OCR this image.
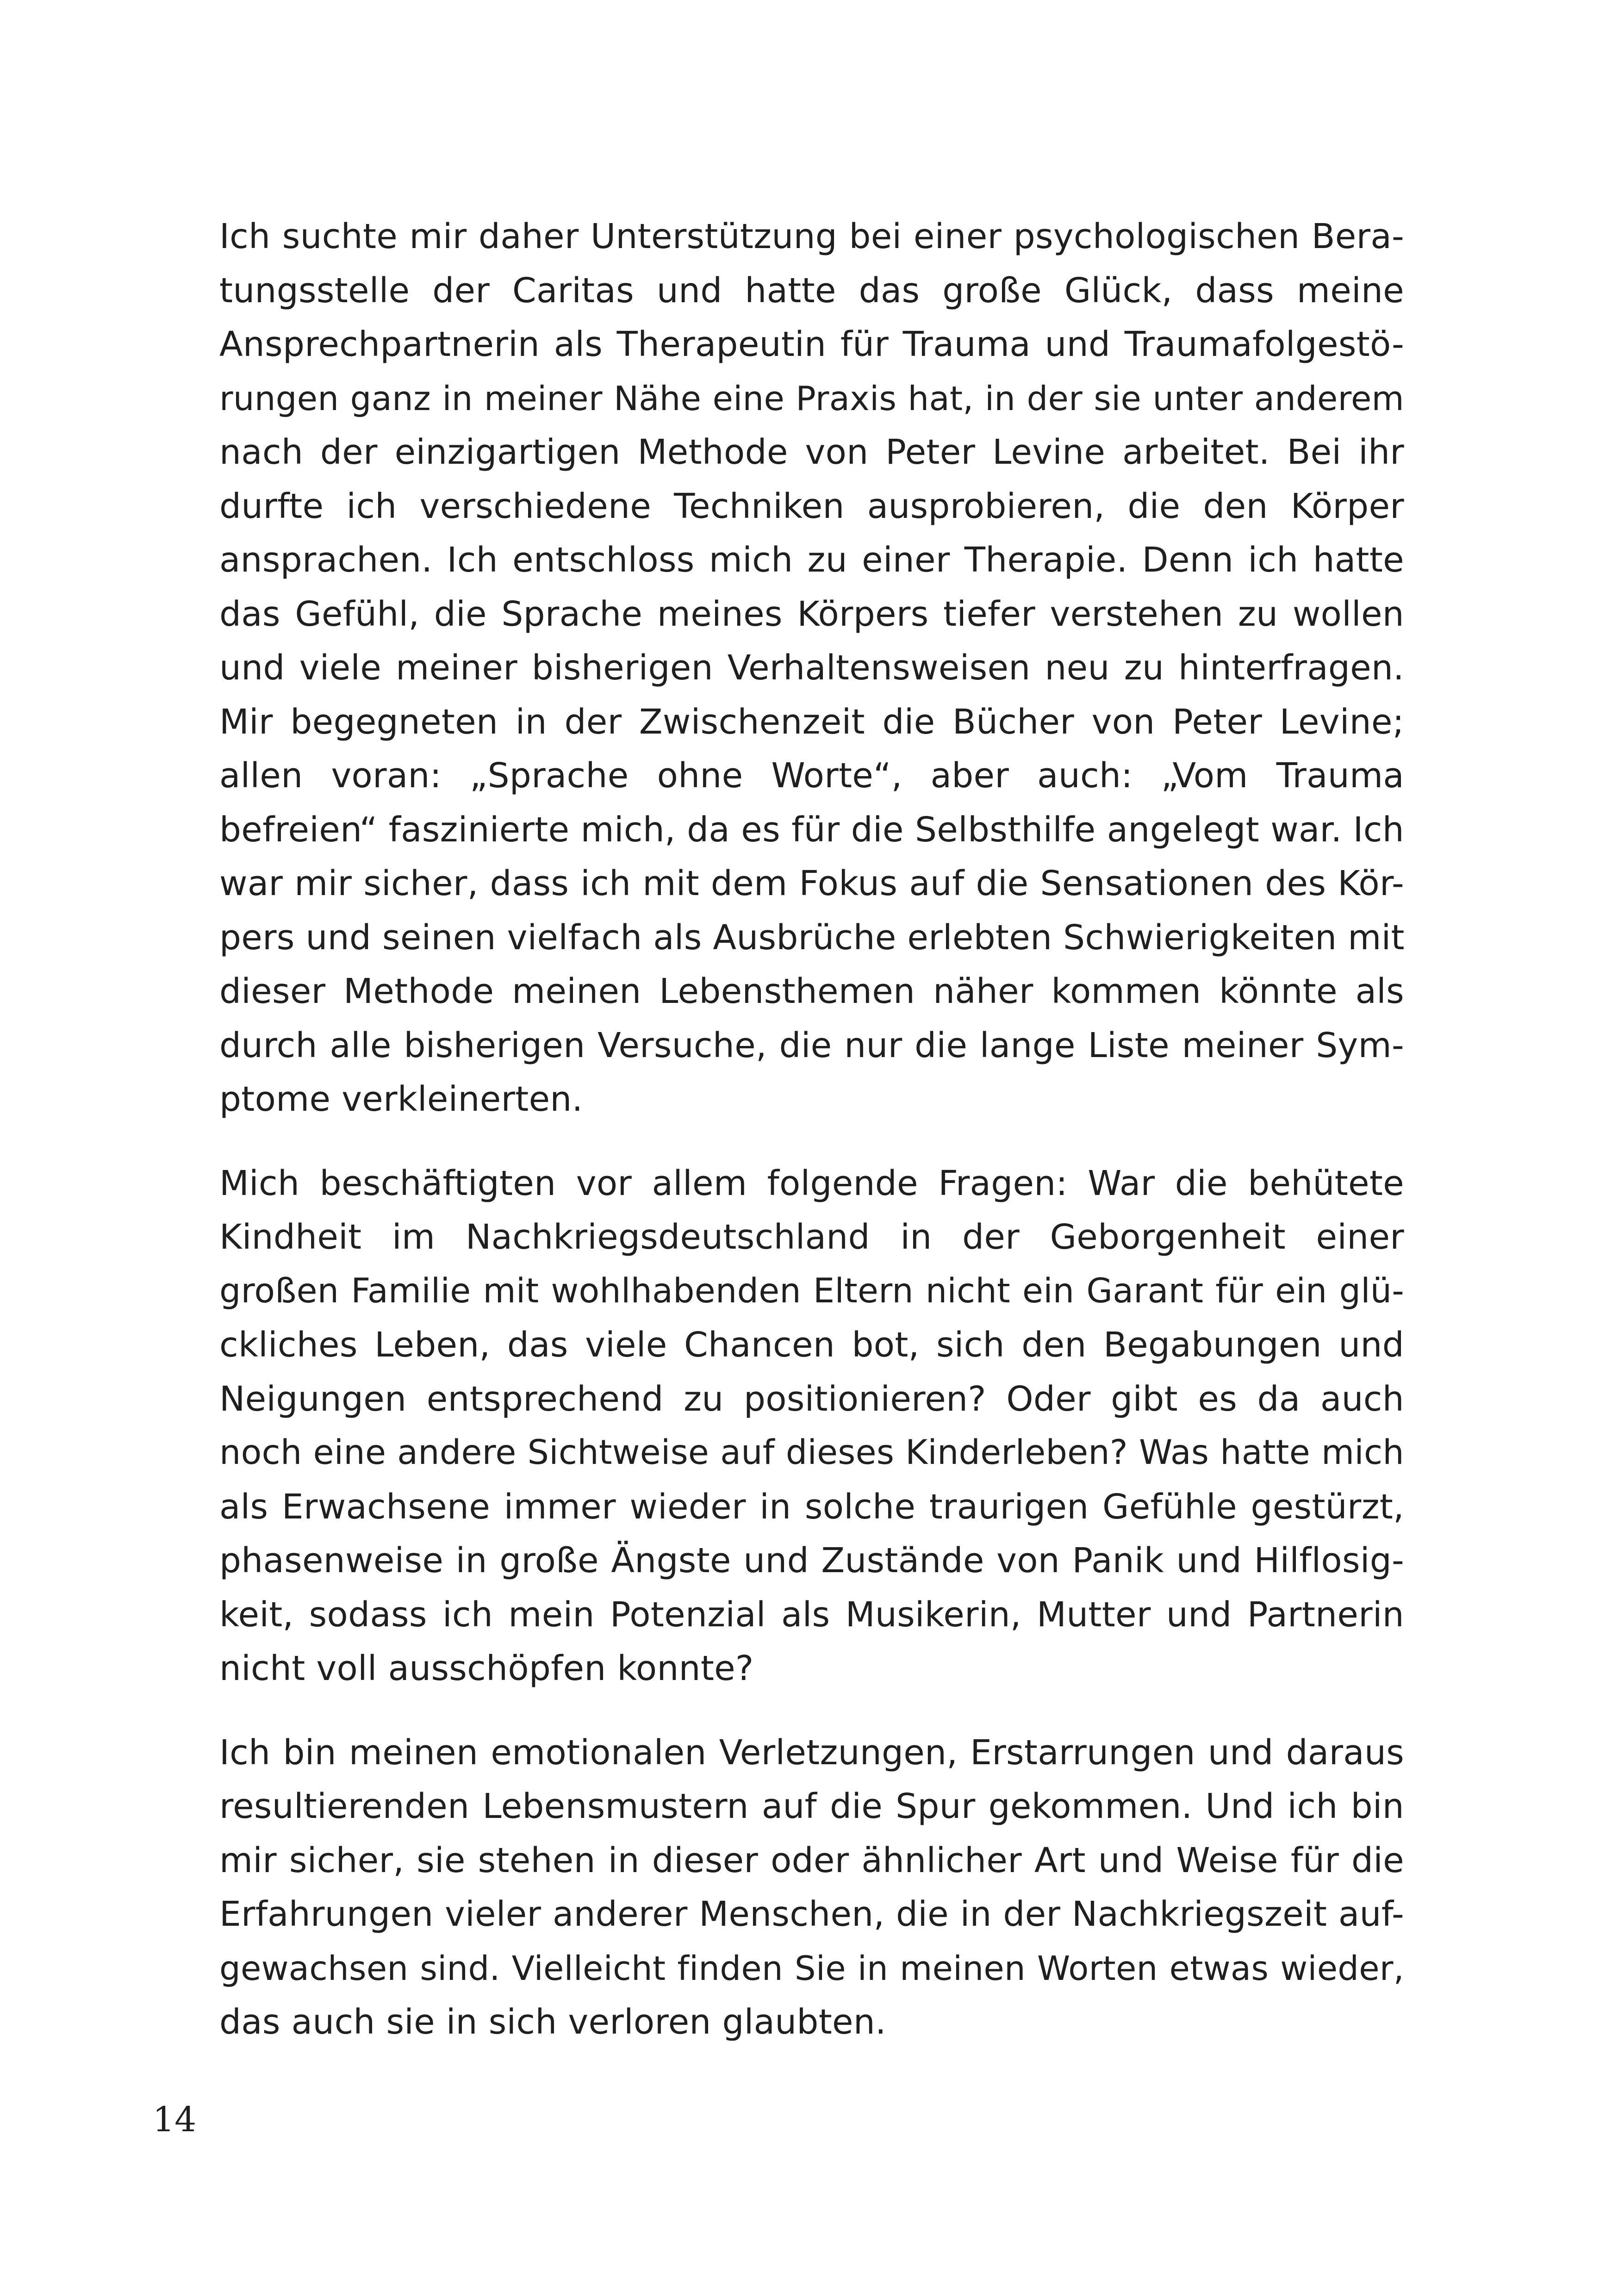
Ich suchte mir daher Unterstützung bei einer psychologischen Bera-
tungsstelle der Caritas und hatte das große Glück, dass meine
Ansprechpartnerin als Therapeutin für Trauma und Traumafolgestö-
rungen ganz in meiner Nähe eine Praxis hat, in der sie unter anderem
nach der einzigartigen Methode von Peter Levine arbeitet. Bei ihr
durfte ich verschiedene Techniken ausprobieren, die den Körper
ansprachen. Ich entschloss mich zu einer Therapie. Denn ich hatte
das Gefühl, die Sprache meines Körpers tiefer verstehen zu wollen
und viele meiner bisherigen Verhaltensweisen neu zu hinterfragen.
Mir begegneten in der Zwischenzeit die Bücher von Peter Levine;
allen voran: „Sprache ohne Worte“, aber auch: „Vom Trauma
befreien“ faszinierte mich, da es für die Selbsthilfe angelegt war. Ich
war mir sicher, dass ich mit dem Fokus auf die Sensationen des Kör-
pers und seinen vielfach als Ausbrüche erlebten Schwierigkeiten mit
dieser Methode meinen Lebensthemen näher kommen könnte als
durch alle bisherigen Versuche, die nur die lange Liste meiner Sym-
ptome verkleinerten.
Mich beschäftigten vor allem folgende Fragen: War die behütete
Kindheit im Nachkriegsdeutschland in der Geborgenheit einer
großen Familie mit wohlhabenden Eltern nicht ein Garant für ein glü-
ckliches Leben, das viele Chancen bot, sich den Begabungen und
Neigungen entsprechend zu positionieren? Oder gibt es da auch
noch eine andere Sichtweise auf dieses Kinderleben? Was hatte mich
als Erwachsene immer wieder in solche traurigen Gefühle gestürzt,
phasenweise in große Ängste und Zustände von Panik und Hilflosig-
keit, sodass ich mein Potenzial als Musikerin, Mutter und Partnerin
nicht voll ausschöpfen konnte?
Ich bin meinen emotionalen Verletzungen, Erstarrungen und daraus
resultierenden Lebensmustern auf die Spur gekommen. Und ich bin
mir sicher, sie stehen in dieser oder ähnlicher Art und Weise für die
Erfahrungen vieler anderer Menschen, die in der Nachkriegszeit auf-
gewachsen sind. Vielleicht finden Sie in meinen Worten etwas wieder,
das auch sie in sich verloren glaubten.
14
